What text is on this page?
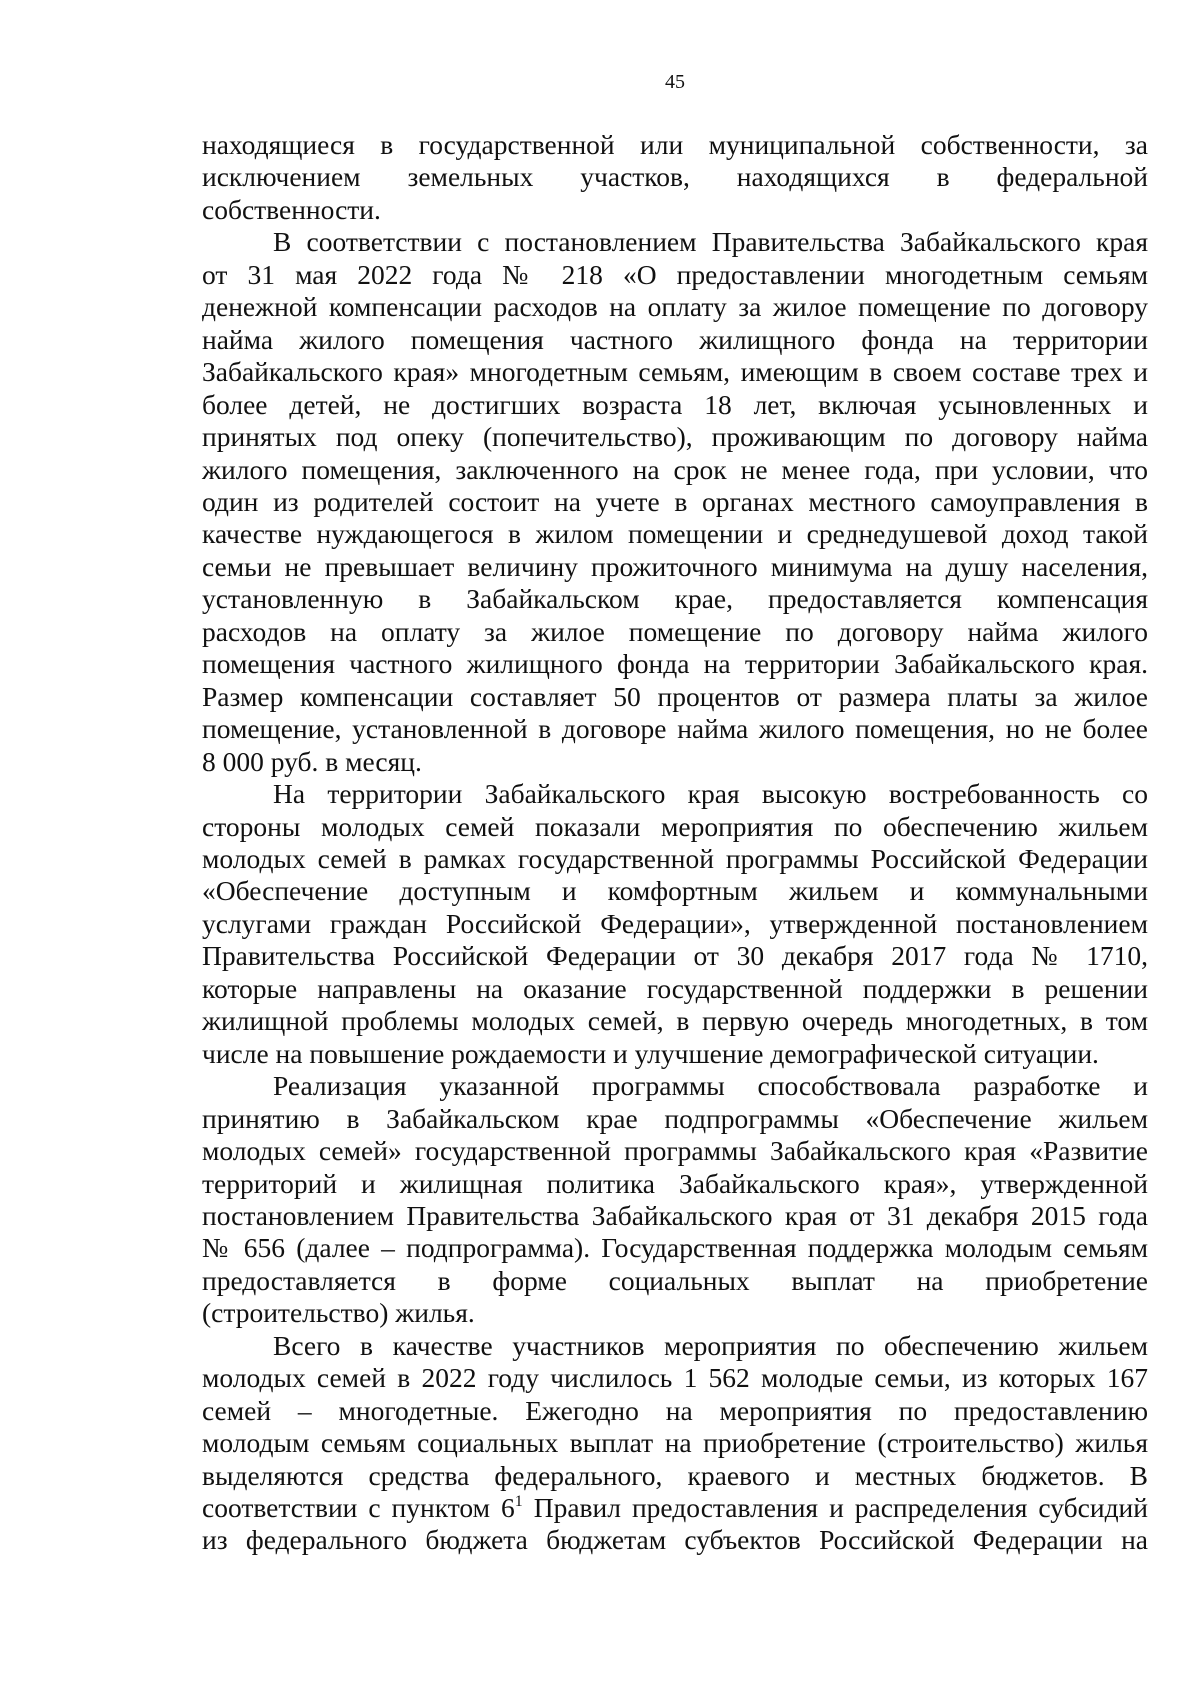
45
находящиеся в государственной или муниципальной собственности, за
исключением земельных участков, находящихся в федеральной
собственности.
В соответствии с постановлением Правительства Забайкальского края
от 31 мая 2022 года № 218 «О предоставлении многодетным семьям
денежной компенсации расходов на оплату за жилое помещение по договору
найма жилого помещения частного жилищного фонда на территории
Забайкальского края» многодетным семьям, имеющим в своем составе трех и
более детей, не достигших возраста 18 лет, включая усыновленных и
принятых под опеку (попечительство), проживающим по договору найма
жилого помещения, заключенного на срок не менее года, при условии, что
один из родителей состоит на учете в органах местного самоуправления в
качестве нуждающегося в жилом помещении и среднедушевой доход такой
семьи не превышает величину прожиточного минимума на душу населения,
установленную в Забайкальском крае, предоставляется компенсация
расходов на оплату за жилое помещение по договору найма жилого
помещения частного жилищного фонда на территории Забайкальского края.
Размер компенсации составляет 50 процентов от размера платы за жилое
помещение, установленной в договоре найма жилого помещения, но не более
8 000 руб. в месяц.
На территории Забайкальского края высокую востребованность со
стороны молодых семей показали мероприятия по обеспечению жильем
молодых семей в рамках государственной программы Российской Федерации
«Обеспечение доступным и комфортным жильем и коммунальными
услугами граждан Российской Федерации», утвержденной постановлением
Правительства Российской Федерации от 30 декабря 2017 года № 1710,
которые направлены на оказание государственной поддержки в решении
жилищной проблемы молодых семей, в первую очередь многодетных, в том
числе на повышение рождаемости и улучшение демографической ситуации.
Реализация указанной программы способствовала разработке и
принятию в Забайкальском крае подпрограммы «Обеспечение жильем
молодых семей» государственной программы Забайкальского края «Развитие
территорий и жилищная политика Забайкальского края», утвержденной
постановлением Правительства Забайкальского края от 31 декабря 2015 года
№ 656 (далее – подпрограмма). Государственная поддержка молодым семьям
предоставляется в форме социальных выплат на приобретение
(строительство) жилья.
Всего в качестве участников мероприятия по обеспечению жильем
молодых семей в 2022 году числилось 1 562 молодые семьи, из которых 167
семей – многодетные. Ежегодно на мероприятия по предоставлению
молодым семьям социальных выплат на приобретение (строительство) жилья
выделяются средства федерального, краевого и местных бюджетов. В
соответствии с пунктом $6^1$ Правил предоставления и распределения субсидий
из федерального бюджета бюджетам субъектов Российской Федерации на
